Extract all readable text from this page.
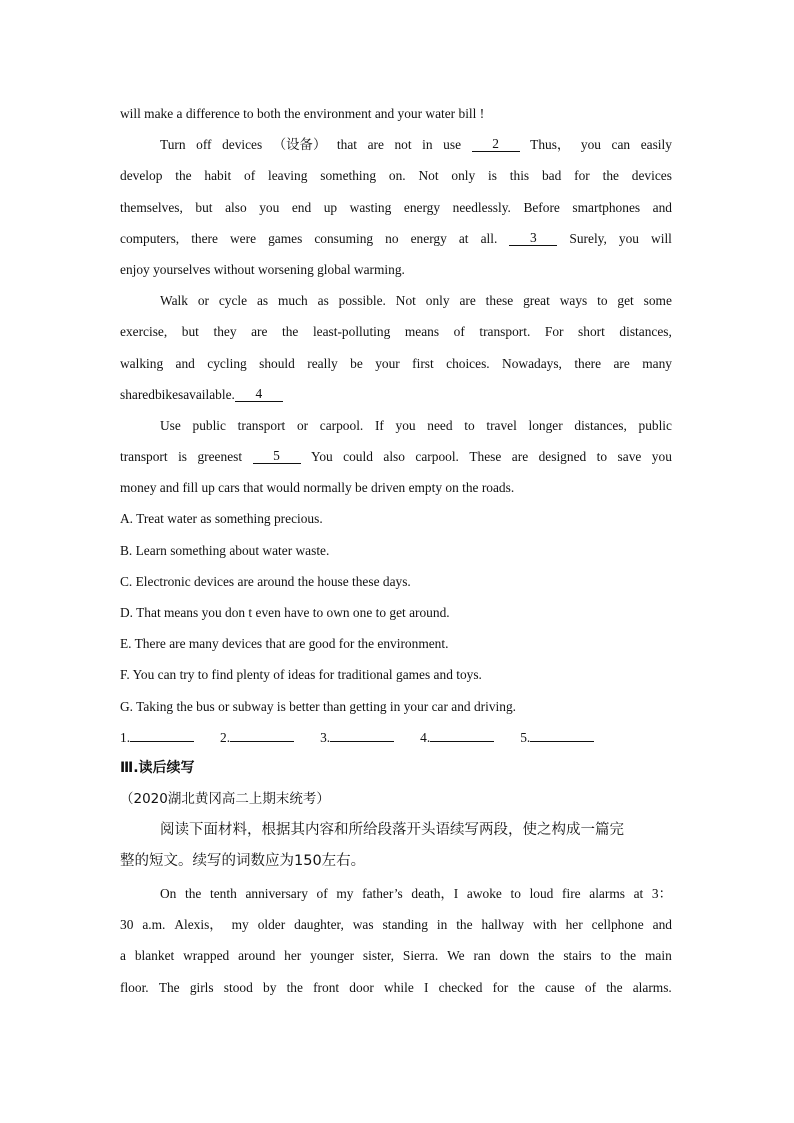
will make a difference to both the environment and your water bill !
Turn off devices （设备） that are not in use	2	Thus， you can easily
develop the habit of leaving something on. Not only is this bad for the devices
themselves, but also you end up wasting energy needlessly. Before smartphones and
computers, there were games consuming no energy at all.	3	Surely, you will
enjoy yourselves without worsening global warming.
Walk or cycle as much as possible. Not only are these great ways to get some
exercise, but they are the least-polluting means of transport. For short distances,
walking and cycling should really be your first choices. Nowadays, there are many
shared bikes available.	4
Use public transport or carpool. If you need to travel longer distances, public
transport is greenest	5	You could also carpool. These are designed to save you
money and fill up cars that would normally be driven empty on the roads.
A. Treat water as something precious.
B. Learn something about water waste.
C. Electronic devices are around the house these days.
D. That means you don t even have to own one to get around.
E. There are many devices that are good for the environment.
F. You can try to find plenty of ideas for traditional games and toys.
G. Taking the bus or subway is better than getting in your car and driving.
1.	2.	3.	4.	5.
Ⅲ.读后续写
（2020湖北黄冈高二上期末统考）
阅读下面材料，根据其内容和所给段落开头语续写两段，使之构成一篇完
整的短文。续写的词数应为150左右。
On the tenth anniversary of my father’s death，I awoke to loud fire alarms at 3：
30 a.m. Alexis， my older daughter, was standing in the hallway with her cellphone and
a blanket wrapped around her younger sister, Sierra. We ran down the stairs to the main
floor. The girls stood by the front door while I checked for the cause of the alarms.
